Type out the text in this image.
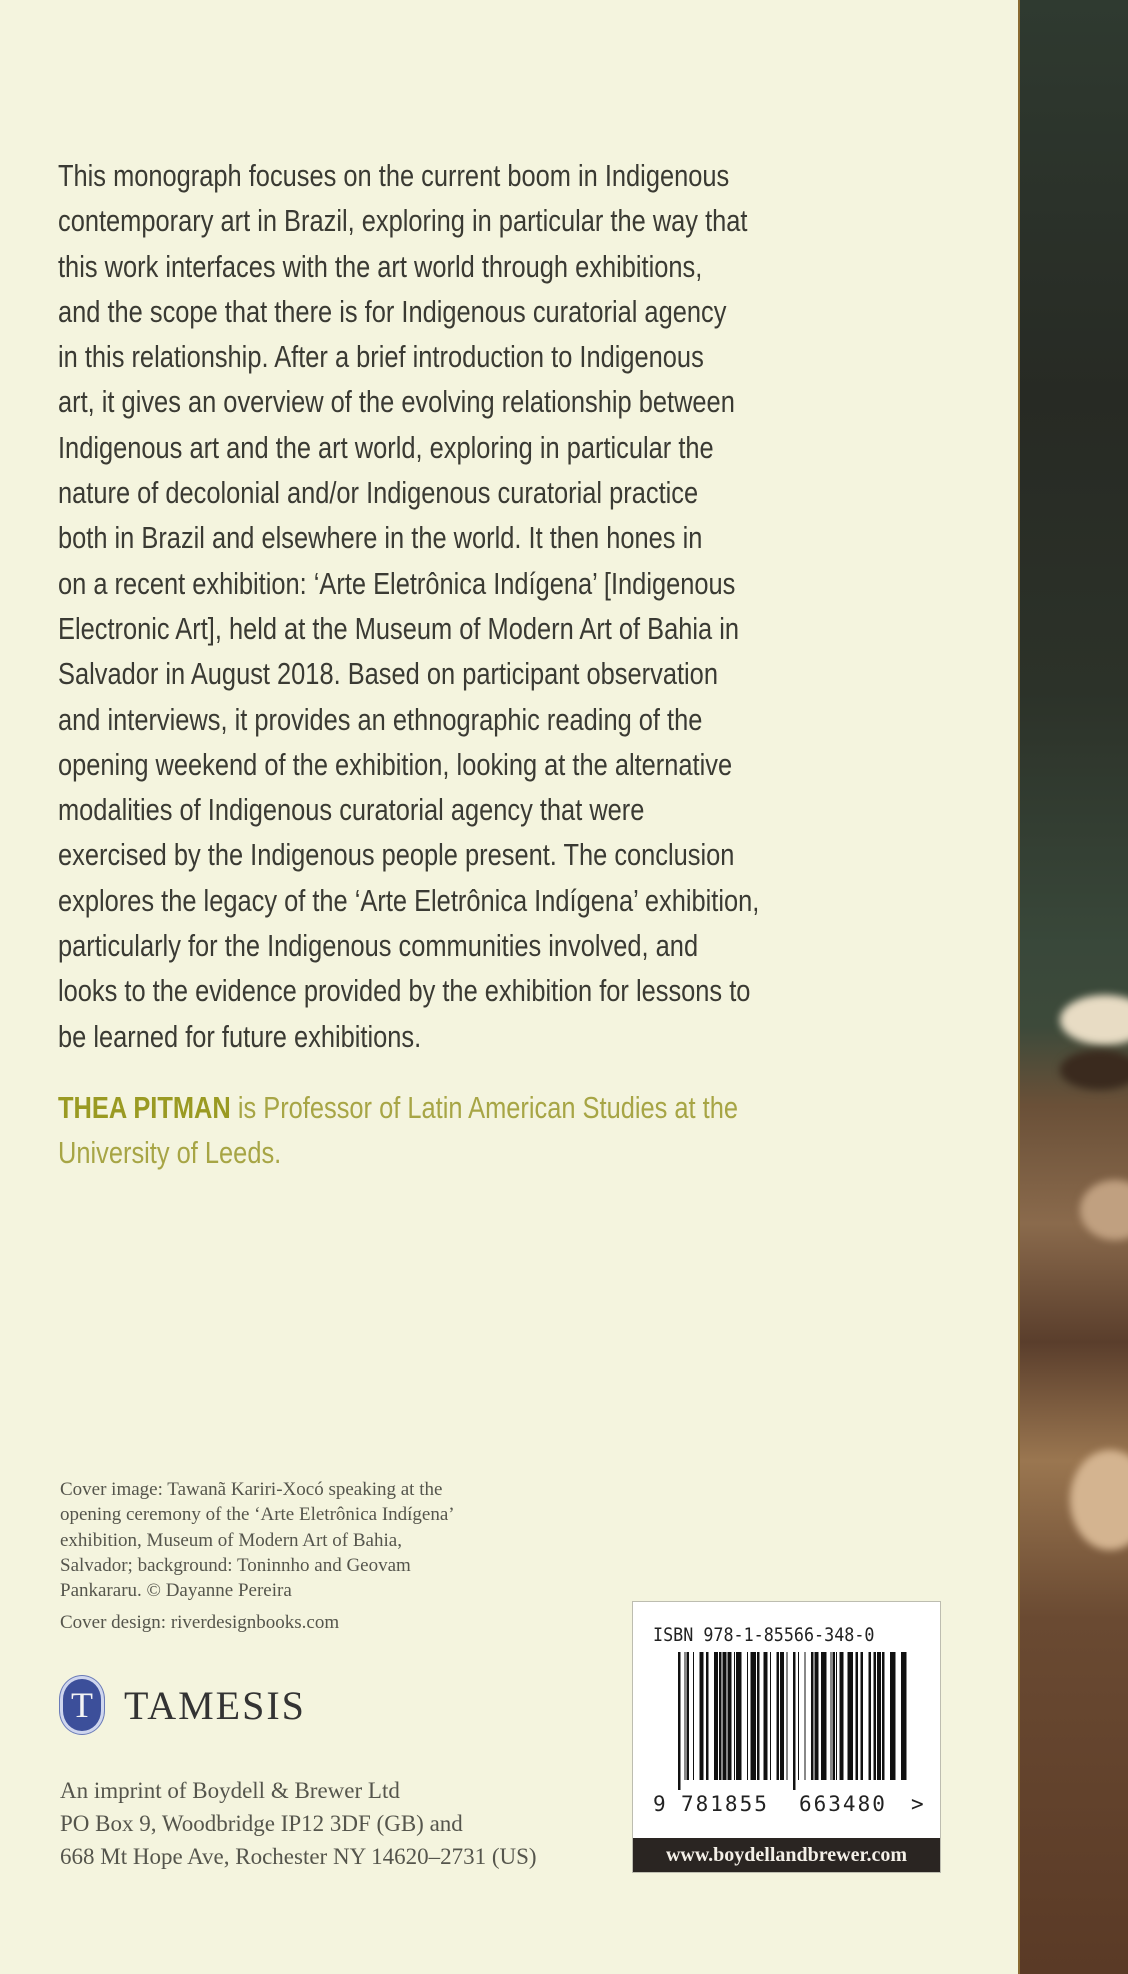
This monograph focuses on the current boom in Indigenous
contemporary art in Brazil, exploring in particular the way that
this work interfaces with the art world through exhibitions,
and the scope that there is for Indigenous curatorial agency
in this relationship. After a brief introduction to Indigenous
art, it gives an overview of the evolving relationship between
Indigenous art and the art world, exploring in particular the
nature of decolonial and/or Indigenous curatorial practice
both in Brazil and elsewhere in the world. It then hones in
on a recent exhibition: ‘Arte Eletrônica Indígena’ [Indigenous
Electronic Art], held at the Museum of Modern Art of Bahia in
Salvador in August 2018. Based on participant observation
and interviews, it provides an ethnographic reading of the
opening weekend of the exhibition, looking at the alternative
modalities of Indigenous curatorial agency that were
exercised by the Indigenous people present. The conclusion
explores the legacy of the ‘Arte Eletrônica Indígena’ exhibition,
particularly for the Indigenous communities involved, and
looks to the evidence provided by the exhibition for lessons to
be learned for future exhibitions.
THEA PITMAN is Professor of Latin American Studies at the
University of Leeds.
Cover image: Tawanã Kariri-Xocó speaking at the
opening ceremony of the ‘Arte Eletrônica Indígena’
exhibition, Museum of Modern Art of Bahia,
Salvador; background: Toninnho and Geovam
Pankararu. © Dayanne Pereira
Cover design: riverdesignbooks.com
T TAMESIS
An imprint of Boydell & Brewer Ltd
PO Box 9, Woodbridge IP12 3DF (GB) and
668 Mt Hope Ave, Rochester NY 14620–2731 (US)
ISBN 978-1-85566-348-0
9 781855 663480 >
www.boydellandbrewer.com
